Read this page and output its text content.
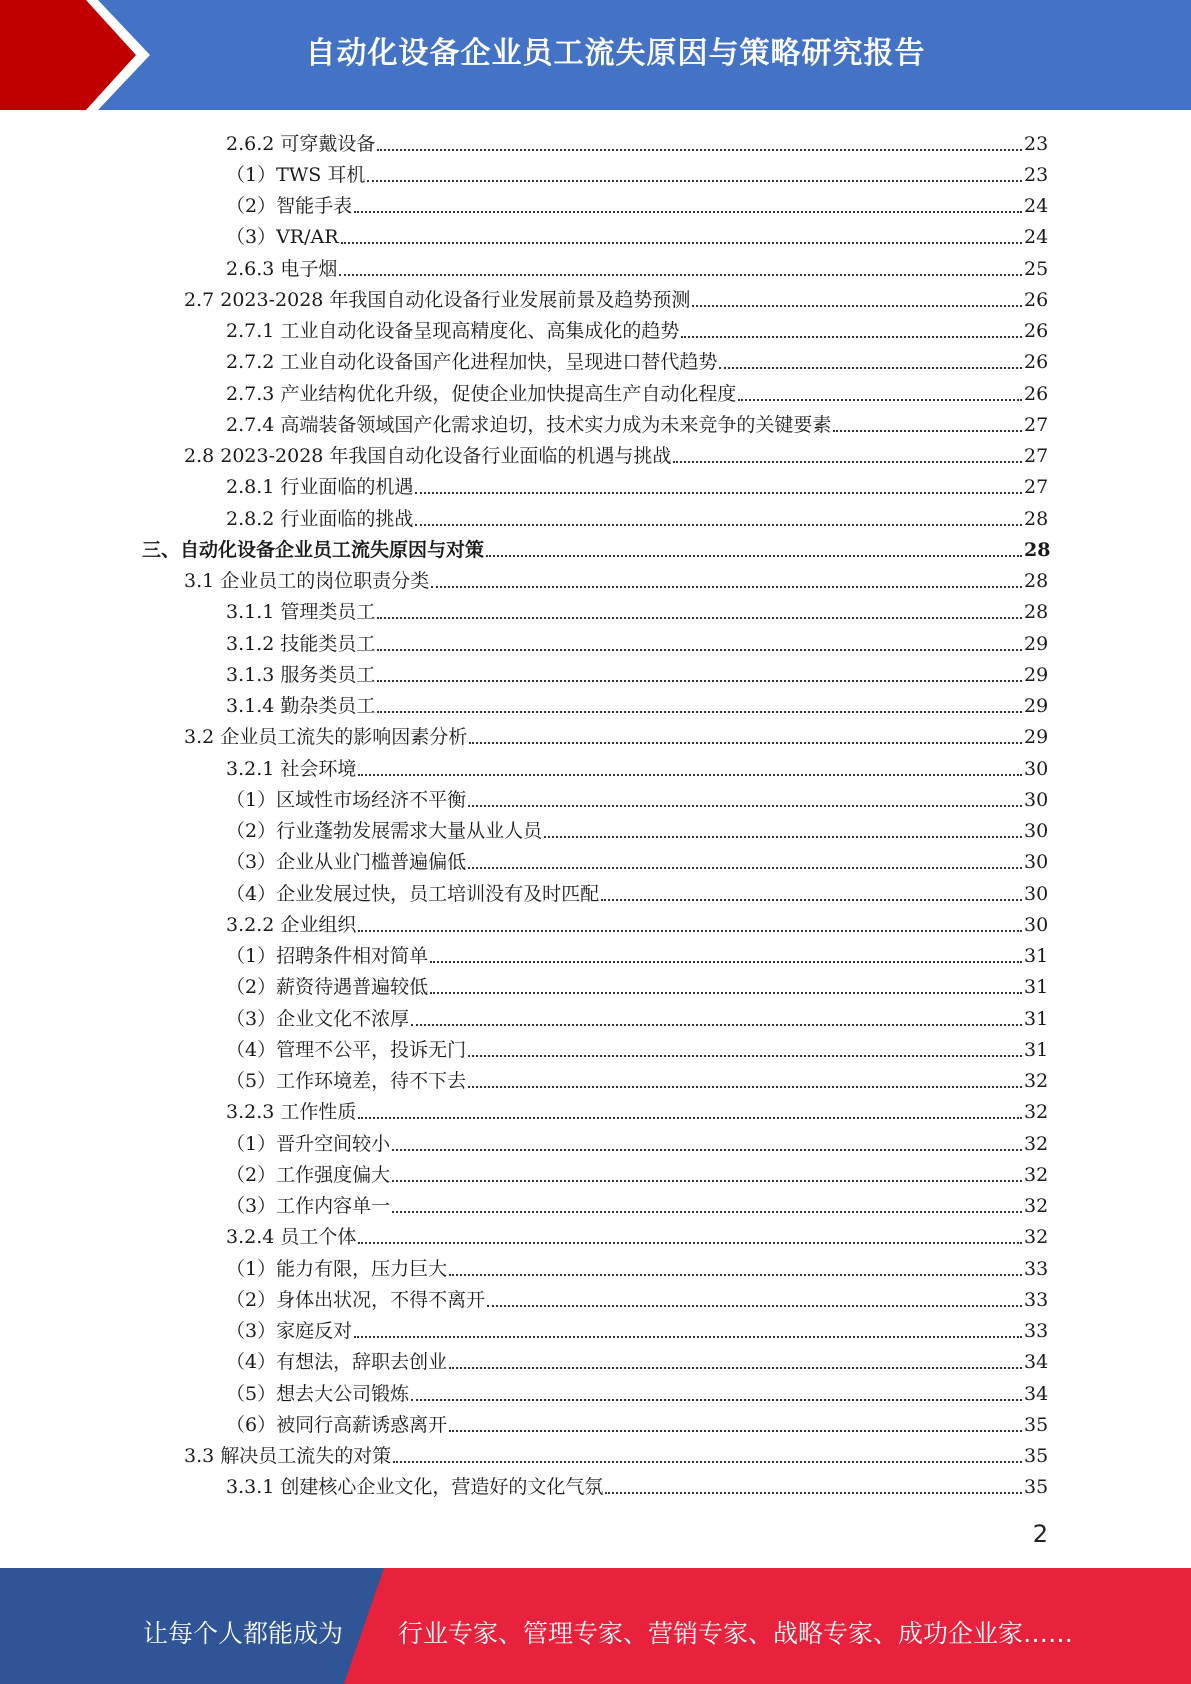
自动化设备企业员工流失原因与策略研究报告
2.6.2 可穿戴设备	23
（1）TWS 耳机	23
（2）智能手表	24
（3）VR/AR	24
2.6.3 电子烟	25
2.7 2023-2028 年我国自动化设备行业发展前景及趋势预测	26
2.7.1 工业自动化设备呈现高精度化、高集成化的趋势	26
2.7.2 工业自动化设备国产化进程加快，呈现进口替代趋势	26
2.7.3 产业结构优化升级，促使企业加快提高生产自动化程度	26
2.7.4 高端装备领域国产化需求迫切，技术实力成为未来竞争的关键要素	27
2.8 2023-2028 年我国自动化设备行业面临的机遇与挑战	27
2.8.1 行业面临的机遇	27
2.8.2 行业面临的挑战	28
三、自动化设备企业员工流失原因与对策	28
3.1 企业员工的岗位职责分类	28
3.1.1 管理类员工	28
3.1.2 技能类员工	29
3.1.3 服务类员工	29
3.1.4 勤杂类员工	29
3.2 企业员工流失的影响因素分析	29
3.2.1 社会环境	30
（1）区域性市场经济不平衡	30
（2）行业蓬勃发展需求大量从业人员	30
（3）企业从业门槛普遍偏低	30
（4）企业发展过快，员工培训没有及时匹配	30
3.2.2 企业组织	30
（1）招聘条件相对简单	31
（2）薪资待遇普遍较低	31
（3）企业文化不浓厚	31
（4）管理不公平，投诉无门	31
（5）工作环境差，待不下去	32
3.2.3 工作性质	32
（1）晋升空间较小	32
（2）工作强度偏大	32
（3）工作内容单一	32
3.2.4 员工个体	32
（1）能力有限，压力巨大	33
（2）身体出状况，不得不离开	33
（3）家庭反对	33
（4）有想法，辞职去创业	34
（5）想去大公司锻炼	34
（6）被同行高薪诱惑离开	35
3.3 解决员工流失的对策	35
3.3.1 创建核心企业文化，营造好的文化气氛	35
2
让每个人都能成为 行业专家、管理专家、营销专家、战略专家、成功企业家……
